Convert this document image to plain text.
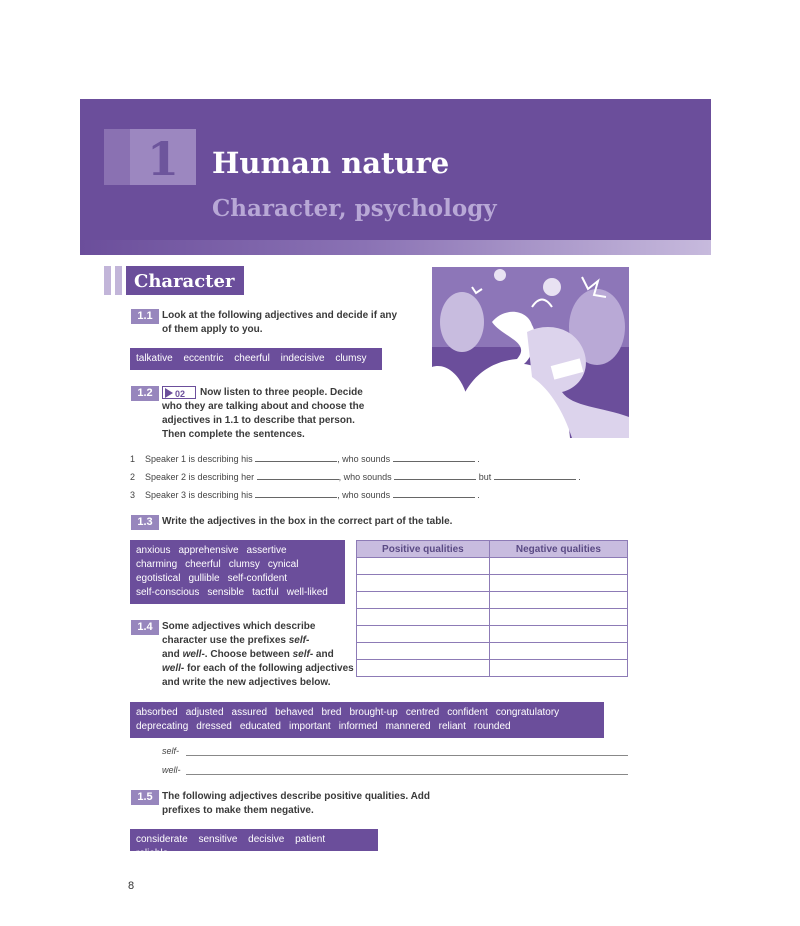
1	Human nature
Character, psychology
Character
1.1 Look at the following adjectives and decide if any
of them apply to you.
talkative eccentric cheerful indecisive clumsy
1.2	02 Now listen to three people. Decide
who they are talking about and choose the
adjectives in 1.1 to describe that person.
Then complete the sentences.
1 Speaker 1 is describing his	, who sounds	.
2 Speaker 2 is describing her	, who sounds	but	.
3 Speaker 3 is describing his	, who sounds	.
1.3 Write the adjectives in the box in the correct part of the table.
anxious apprehensive assertive
charming cheerful clumsy cynical
egotistical gullible self-confident
self-conscious sensible tactful well-liked
Positive qualities	Negative qualities

1.4 Some adjectives which describe
character use the prefixes self-
and well-. Choose between self- and
well- for each of the following adjectives
and write the new adjectives below.
absorbed adjusted assured behaved bred brought-up centred confident congratulatory
deprecating dressed educated important informed mannered reliant rounded
self-
well-
1.5 The following adjectives describe positive qualities. Add
prefixes to make them negative.
considerate sensitive decisive patient reliable
8
